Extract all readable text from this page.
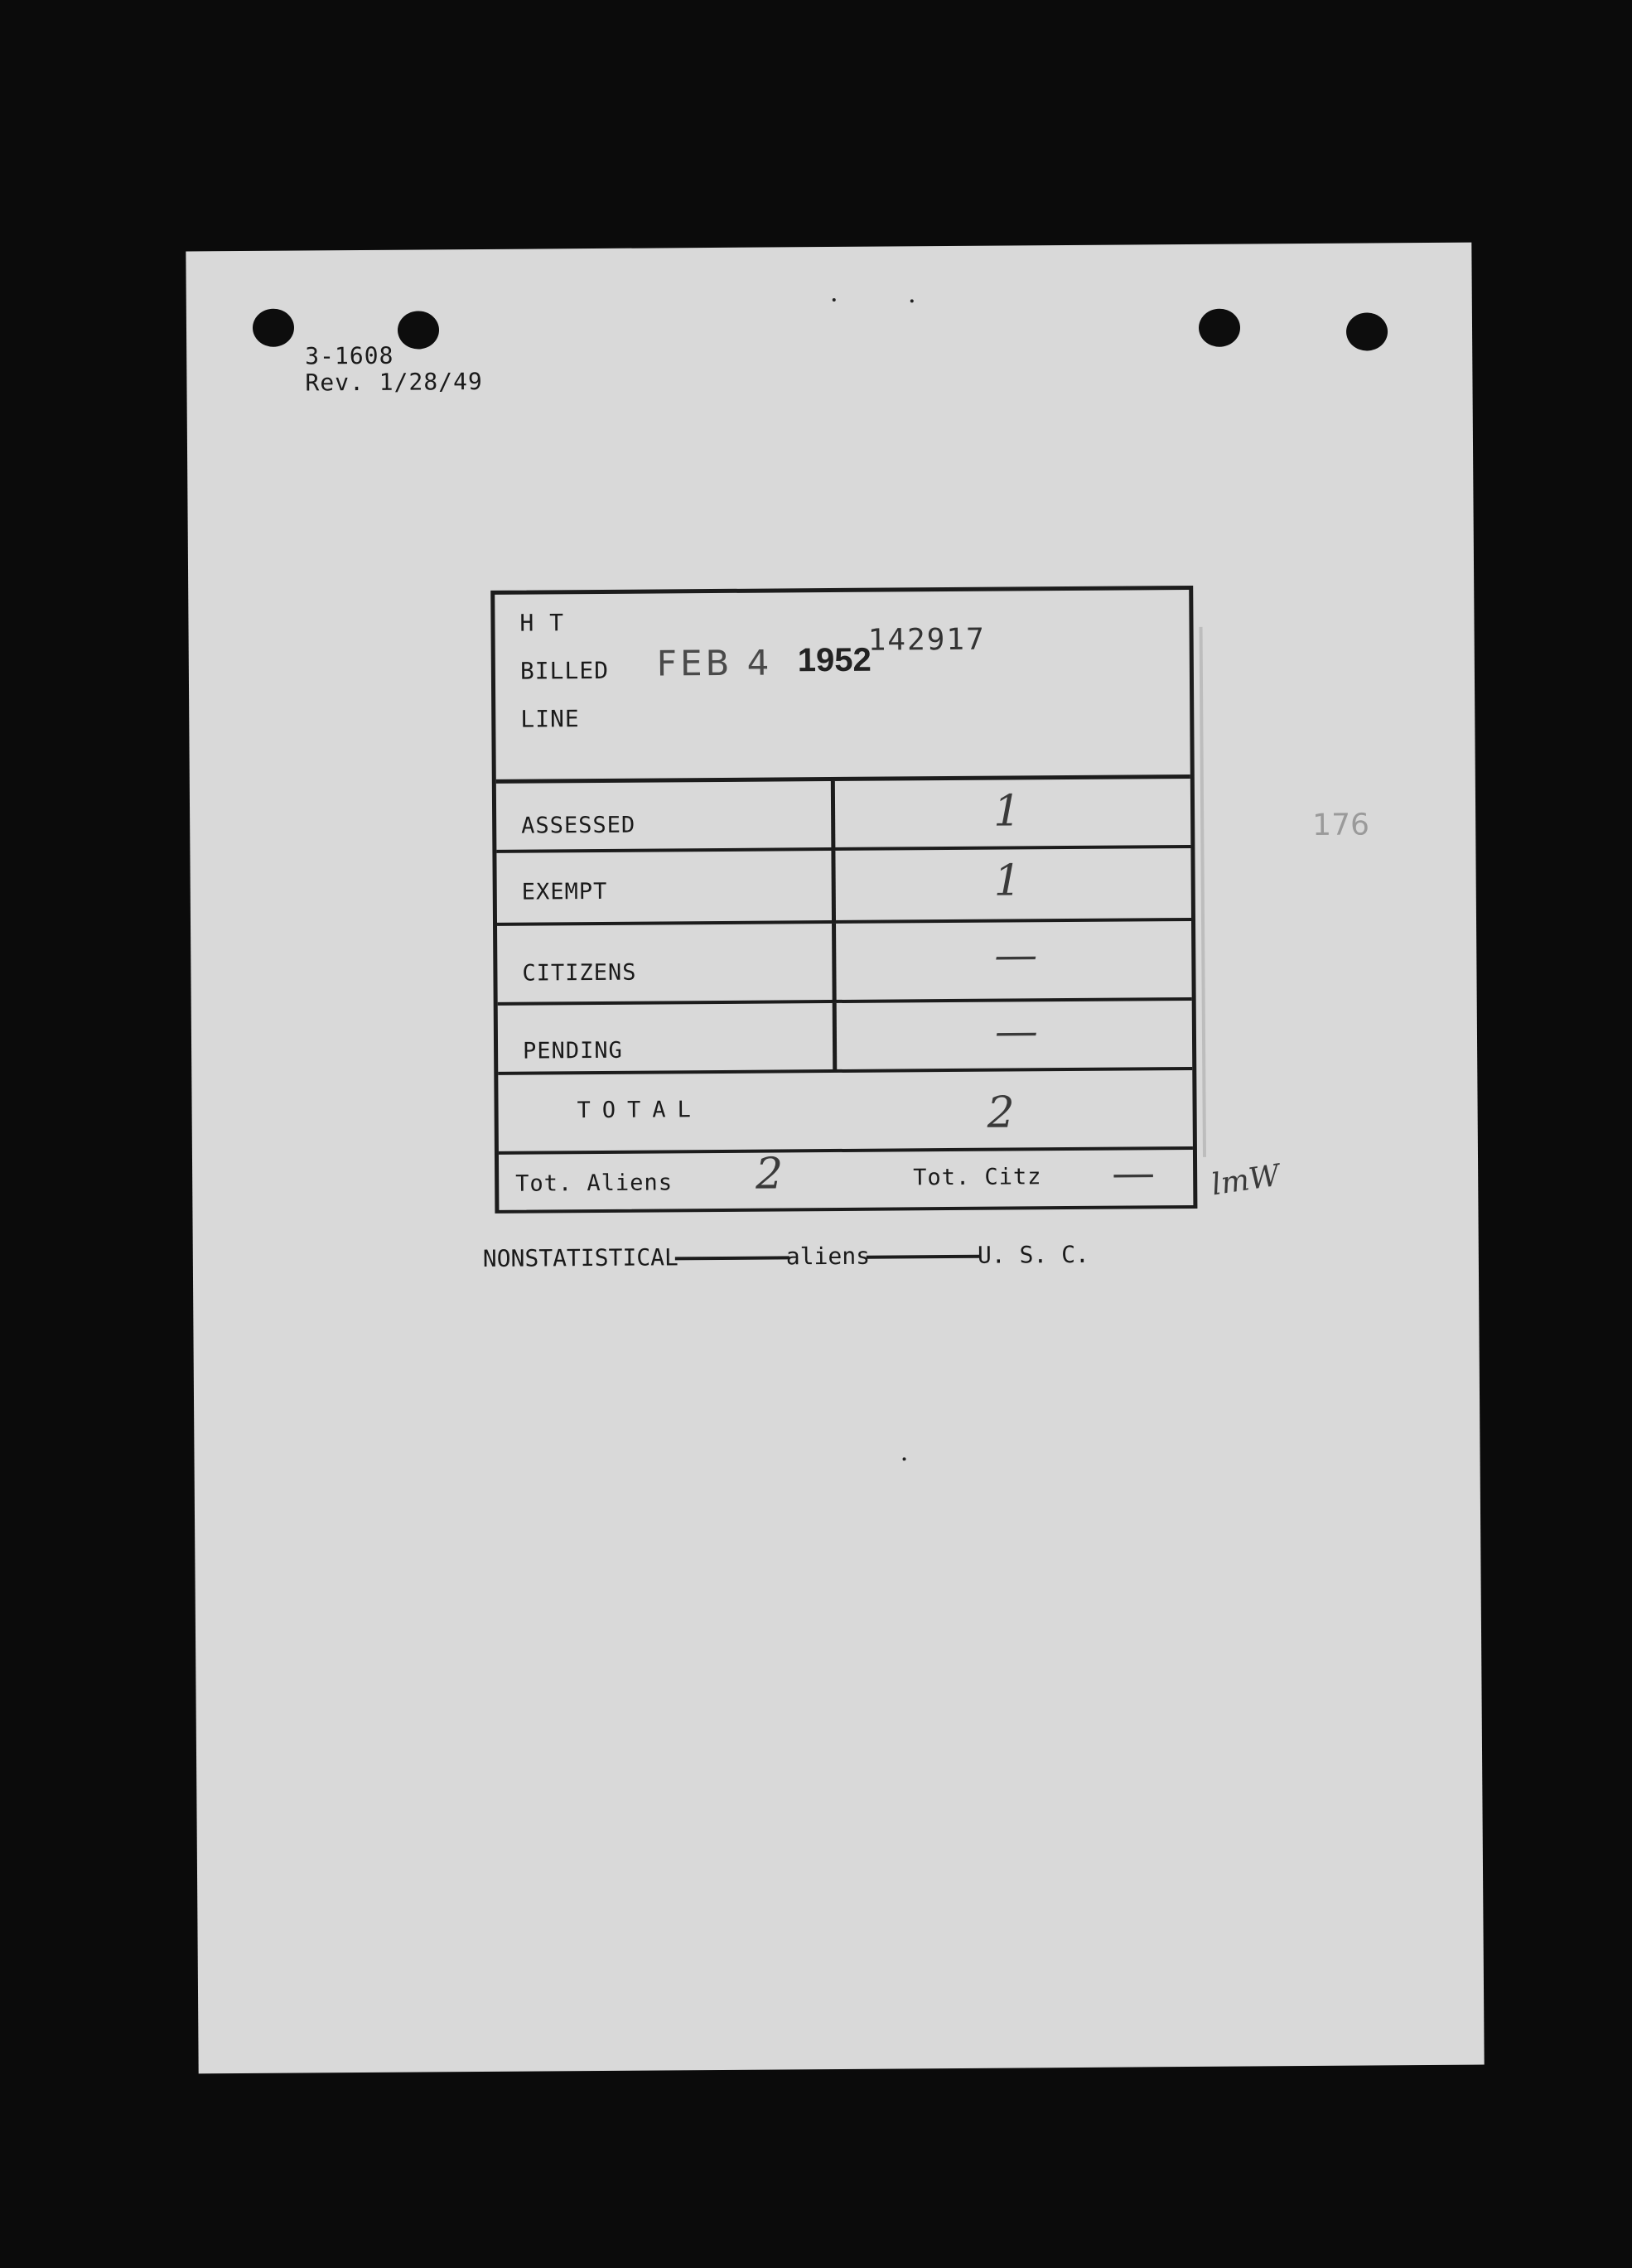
3-1608
Rev. 1/28/49
176
H T
BILLED
LINE
FEB 4 1952
142917
ASSESSED	1
EXEMPT	1
CITIZENS	—
PENDING	—
TOTAL	2
Tot. Aliens 2	Tot. Citz — lmW
NONSTATISTICAL	aliens	U. S. C.
